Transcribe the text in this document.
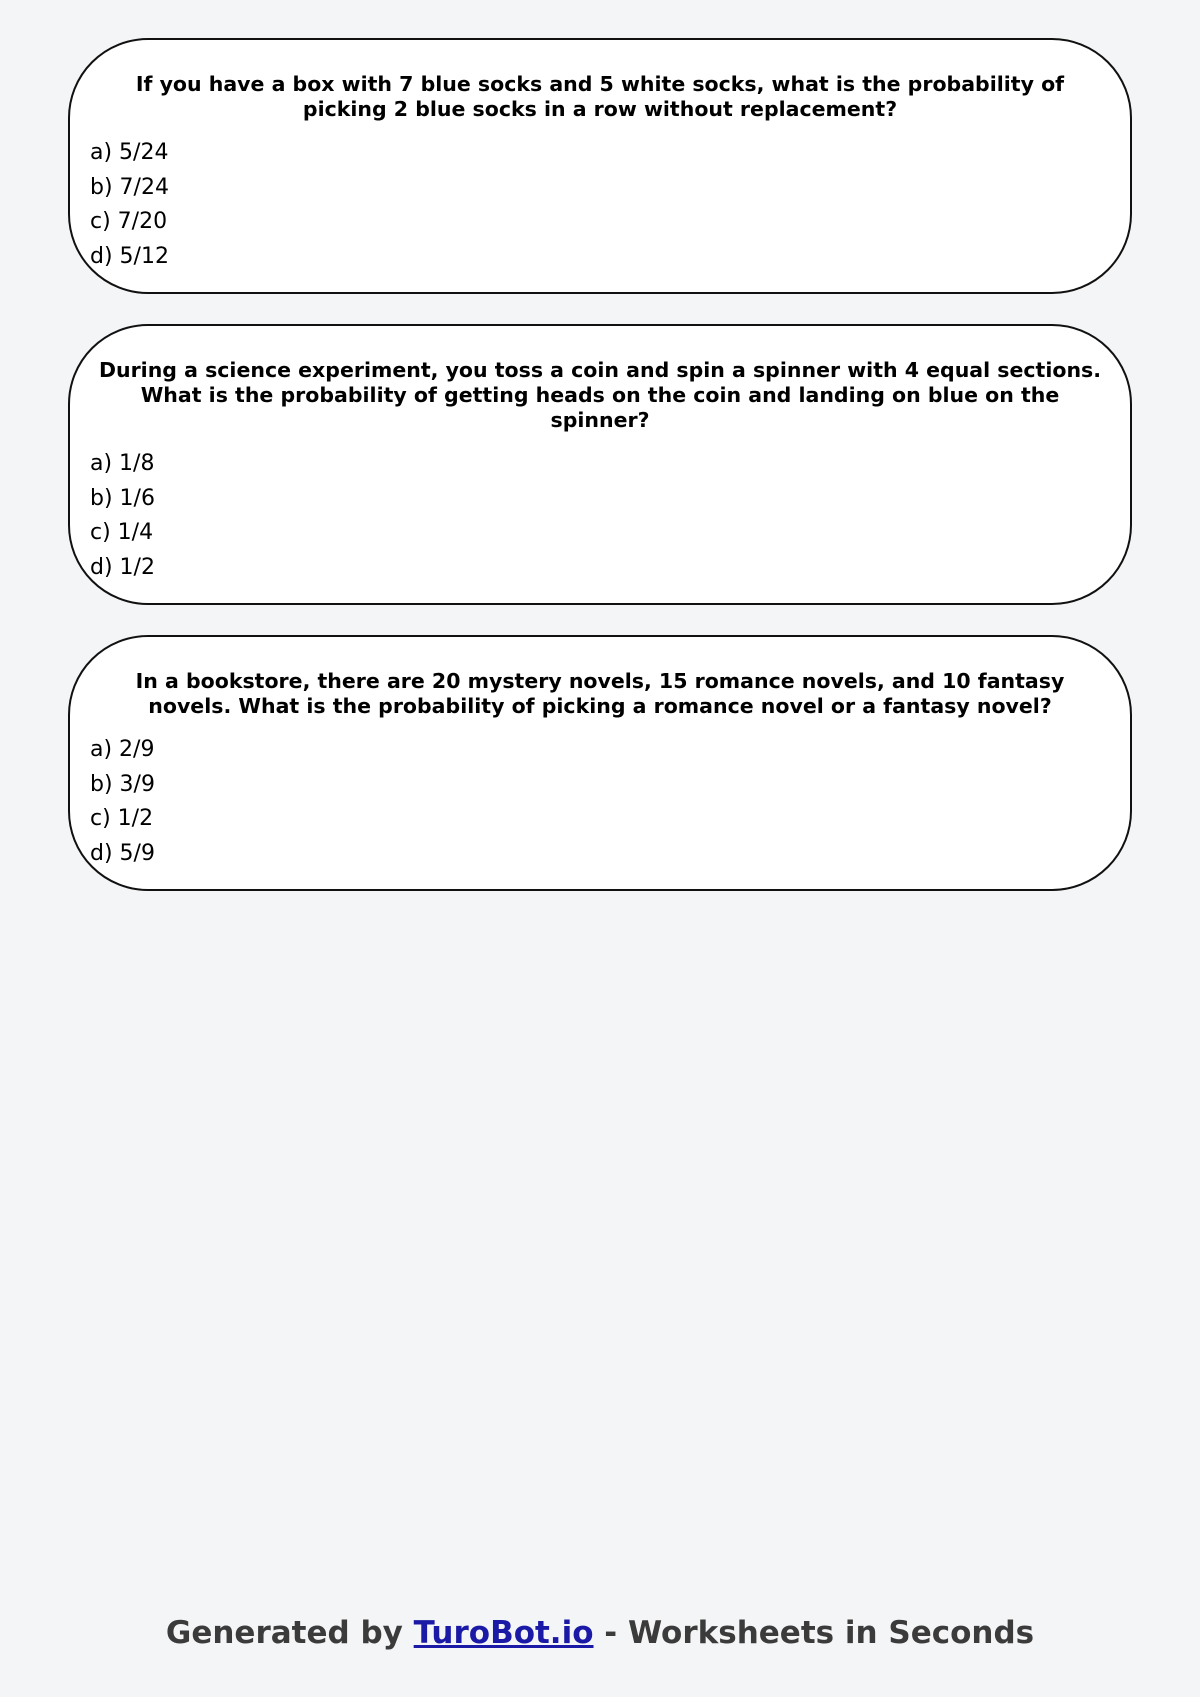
If you have a box with 7 blue socks and 5 white socks, what is the probability of picking 2 blue socks in a row without replacement?
a) 5/24
b) 7/24
c) 7/20
d) 5/12
During a science experiment, you toss a coin and spin a spinner with 4 equal sections. What is the probability of getting heads on the coin and landing on blue on the spinner?
a) 1/8
b) 1/6
c) 1/4
d) 1/2
In a bookstore, there are 20 mystery novels, 15 romance novels, and 10 fantasy novels. What is the probability of picking a romance novel or a fantasy novel?
a) 2/9
b) 3/9
c) 1/2
d) 5/9
Generated by TuroBot.io - Worksheets in Seconds
